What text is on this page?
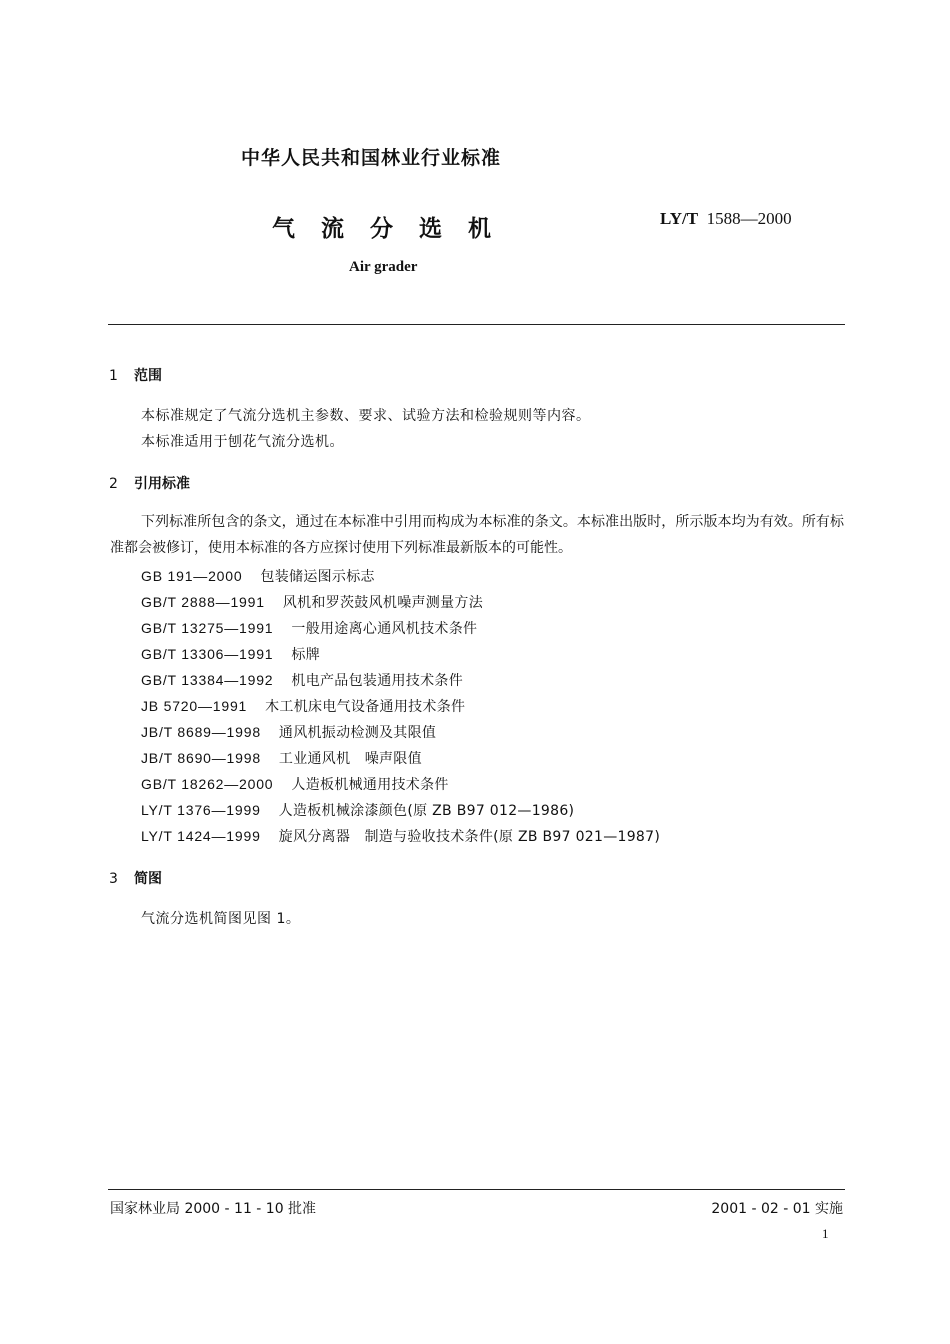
中华人民共和国林业行业标准
气流分选机	LY/T 1588—2000
Air grader
1 范围
本标准规定了气流分选机主参数、要求、试验方法和检验规则等内容。
本标准适用于刨花气流分选机。
2 引用标准
下列标准所包含的条文，通过在本标准中引用而构成为本标准的条文。本标准出版时，所示版本均为有效。所有标准都会被修订，使用本标准的各方应探讨使用下列标准最新版本的可能性。
GB 191—2000 包装储运图示标志
GB/T 2888—1991 风机和罗茨鼓风机噪声测量方法
GB/T 13275—1991 一般用途离心通风机技术条件
GB/T 13306—1991 标牌
GB/T 13384—1992 机电产品包装通用技术条件
JB 5720—1991 木工机床电气设备通用技术条件
JB/T 8689—1998 通风机振动检测及其限值
JB/T 8690—1998 工业通风机　噪声限值
GB/T 18262—2000 人造板机械通用技术条件
LY/T 1376—1999 人造板机械涂漆颜色(原 ZB B97 012—1986)
LY/T 1424—1999 旋风分离器　制造与验收技术条件(原 ZB B97 021—1987)
3 简图
气流分选机简图见图 1。
国家林业局 2000 - 11 - 10 批准	2001 - 02 - 01 实施
1
